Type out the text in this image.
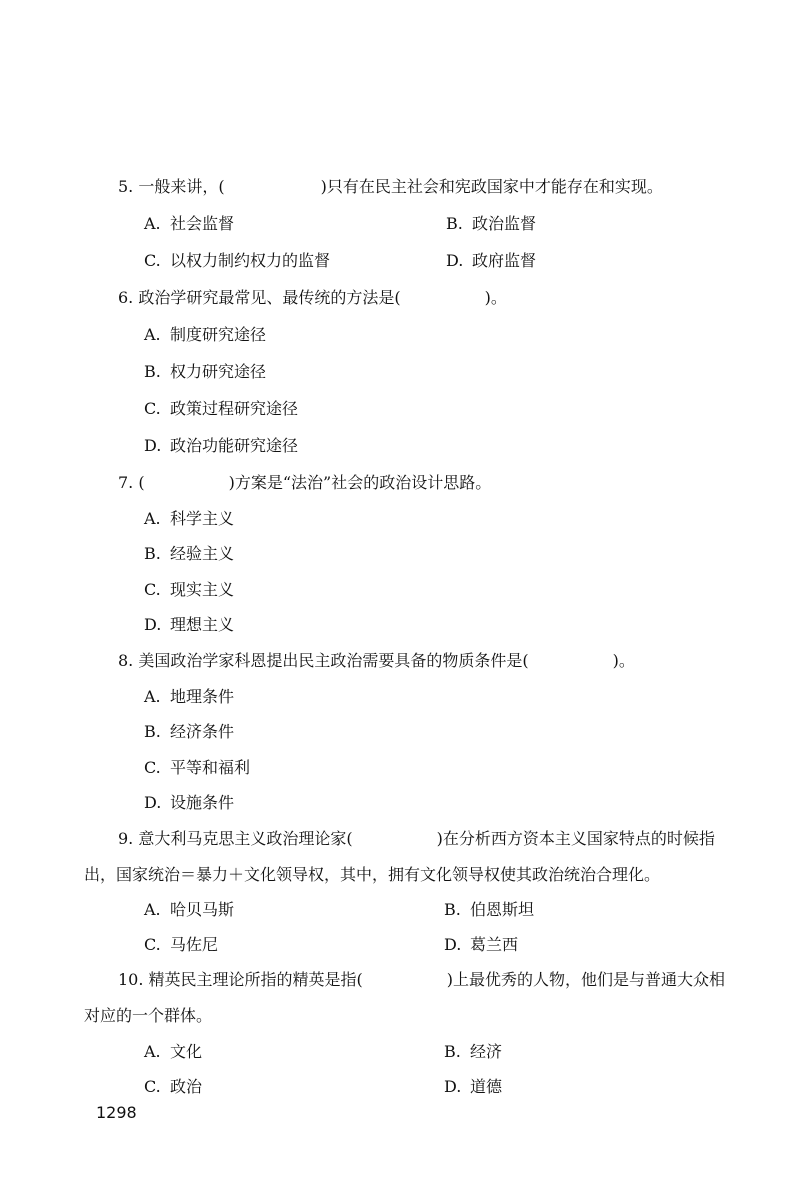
5. 一般来讲，(	)只有在民主社会和宪政国家中才能存在和实现。
A. 社会监督	B. 政治监督
C. 以权力制约权力的监督	D. 政府监督
6. 政治学研究最常见、最传统的方法是(	)。
A. 制度研究途径
B. 权力研究途径
C. 政策过程研究途径
D. 政治功能研究途径
7. (	)方案是“法治”社会的政治设计思路。
A. 科学主义
B. 经验主义
C. 现实主义
D. 理想主义
8. 美国政治学家科恩提出民主政治需要具备的物质条件是(	)。
A. 地理条件
B. 经济条件
C. 平等和福利
D. 设施条件
9. 意大利马克思主义政治理论家(	)在分析西方资本主义国家特点的时候指
出，国家统治＝暴力＋文化领导权，其中，拥有文化领导权使其政治统治合理化。
A. 哈贝马斯	B. 伯恩斯坦
C. 马佐尼	D. 葛兰西
10. 精英民主理论所指的精英是指(	)上最优秀的人物，他们是与普通大众相
对应的一个群体。
A. 文化	B. 经济
C. 政治	D. 道德
1298
